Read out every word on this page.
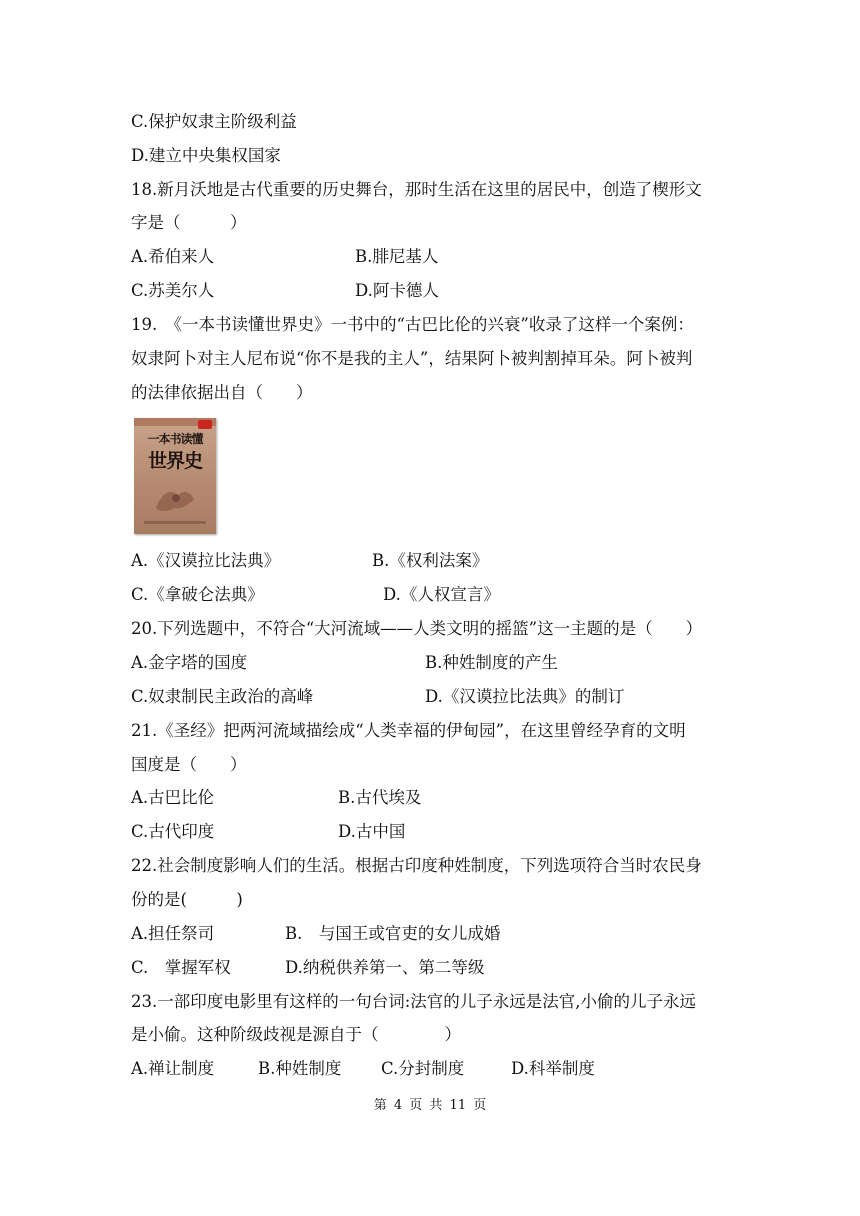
C.保护奴隶主阶级利益
D.建立中央集权国家
18.新月沃地是古代重要的历史舞台，那时生活在这里的居民中，创造了楔形文
字是（　　　）
A.希伯来人	B.腓尼基人
C.苏美尔人	D.阿卡德人
19.　《一本书读懂世界史》一书中的“古巴比伦的兴衰”收录了这样一个案例：
奴隶阿卜对主人尼布说“你不是我的主人”，结果阿卜被判割掉耳朵。阿卜被判
的法律依据出自（　　）
一本书读懂
世界史
A.《汉谟拉比法典》	B.《权利法案》
C.《拿破仑法典》	D.《人权宣言》
20.下列选题中，不符合“大河流域——人类文明的摇篮”这一主题的是（　　）
A.金字塔的国度	B.种姓制度的产生
C.奴隶制民主政治的高峰	D.《汉谟拉比法典》的制订
21.《圣经》把两河流域描绘成“人类幸福的伊甸园”，在这里曾经孕育的文明
国度是（　　）
A.古巴比伦	B.古代埃及
C.古代印度	D.古中国
22.社会制度影响人们的生活。根据古印度种姓制度，下列选项符合当时农民身
份的是(　　　)
A.担任祭司	B.　与国王或官吏的女儿成婚
C.　掌握军权	D.纳税供养第一、第二等级
23.一部印度电影里有这样的一句台词:法官的儿子永远是法官,小偷的儿子永远
是小偷。这种阶级歧视是源自于（　　　　）
A.禅让制度	B.种姓制度 C.分封制度	D.科举制度
第 4 页 共 11 页
